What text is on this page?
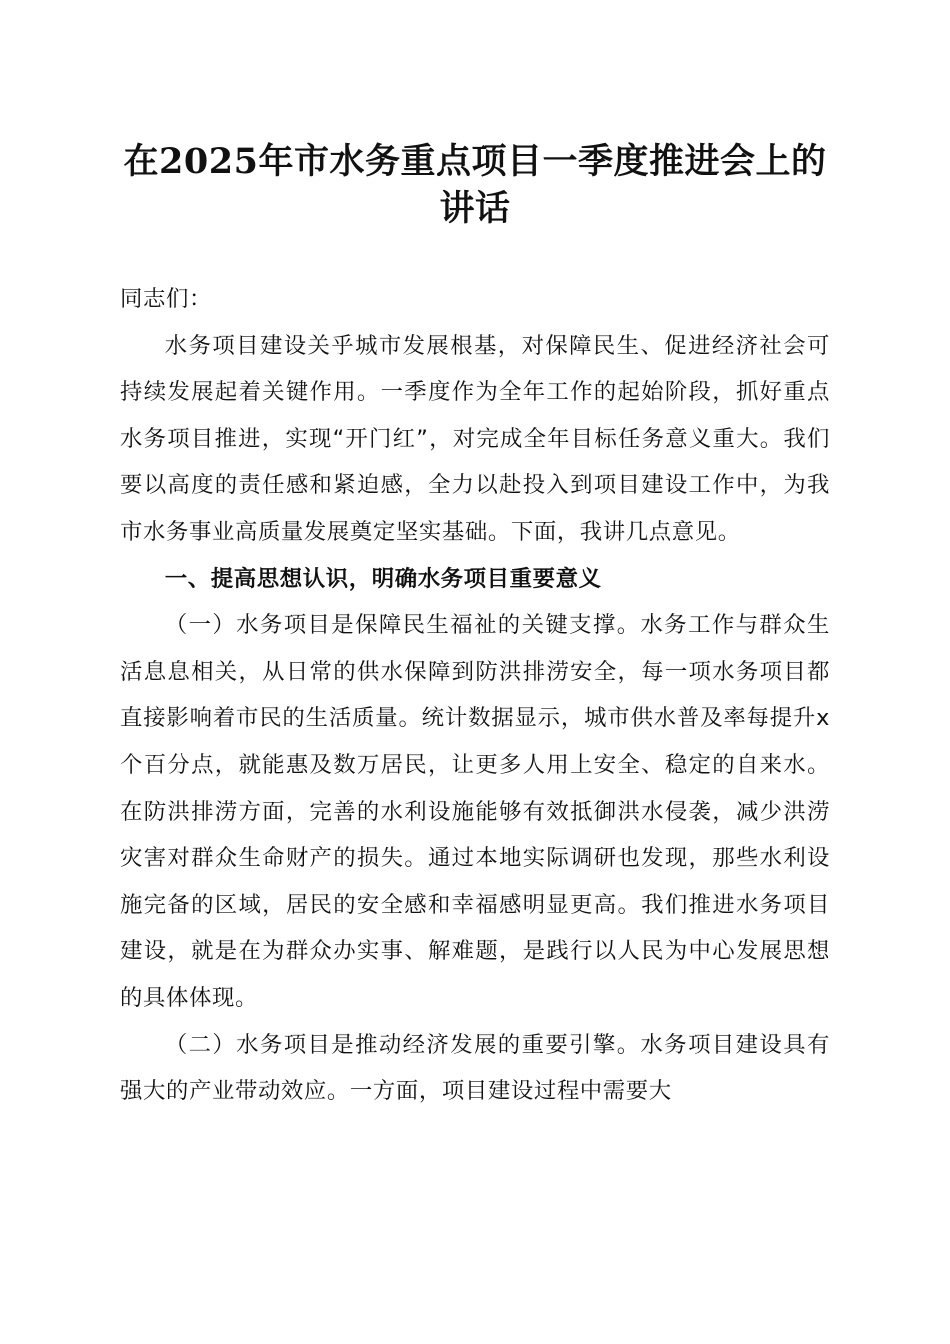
在2025年市水务重点项目一季度推进会上的讲话

同志们：

水务项目建设关乎城市发展根基，对保障民生、促进经济社会可持续发展起着关键作用。一季度作为全年工作的起始阶段，抓好重点水务项目推进，实现“开门红”，对完成全年目标任务意义重大。我们要以高度的责任感和紧迫感，全力以赴投入到项目建设工作中，为我市水务事业高质量发展奠定坚实基础。下面，我讲几点意见。

一、提高思想认识，明确水务项目重要意义

（一）水务项目是保障民生福祉的关键支撑。水务工作与群众生活息息相关，从日常的供水保障到防洪排涝安全，每一项水务项目都直接影响着市民的生活质量。统计数据显示，城市供水普及率每提升x个百分点，就能惠及数万居民，让更多人用上安全、稳定的自来水。在防洪排涝方面，完善的水利设施能够有效抵御洪水侵袭，减少洪涝灾害对群众生命财产的损失。通过本地实际调研也发现，那些水利设施完备的区域，居民的安全感和幸福感明显更高。我们推进水务项目建设，就是在为群众办实事、解难题，是践行以人民为中心发展思想的具体体现。

（二）水务项目是推动经济发展的重要引擎。水务项目建设具有强大的产业带动效应。一方面，项目建设过程中需要大
